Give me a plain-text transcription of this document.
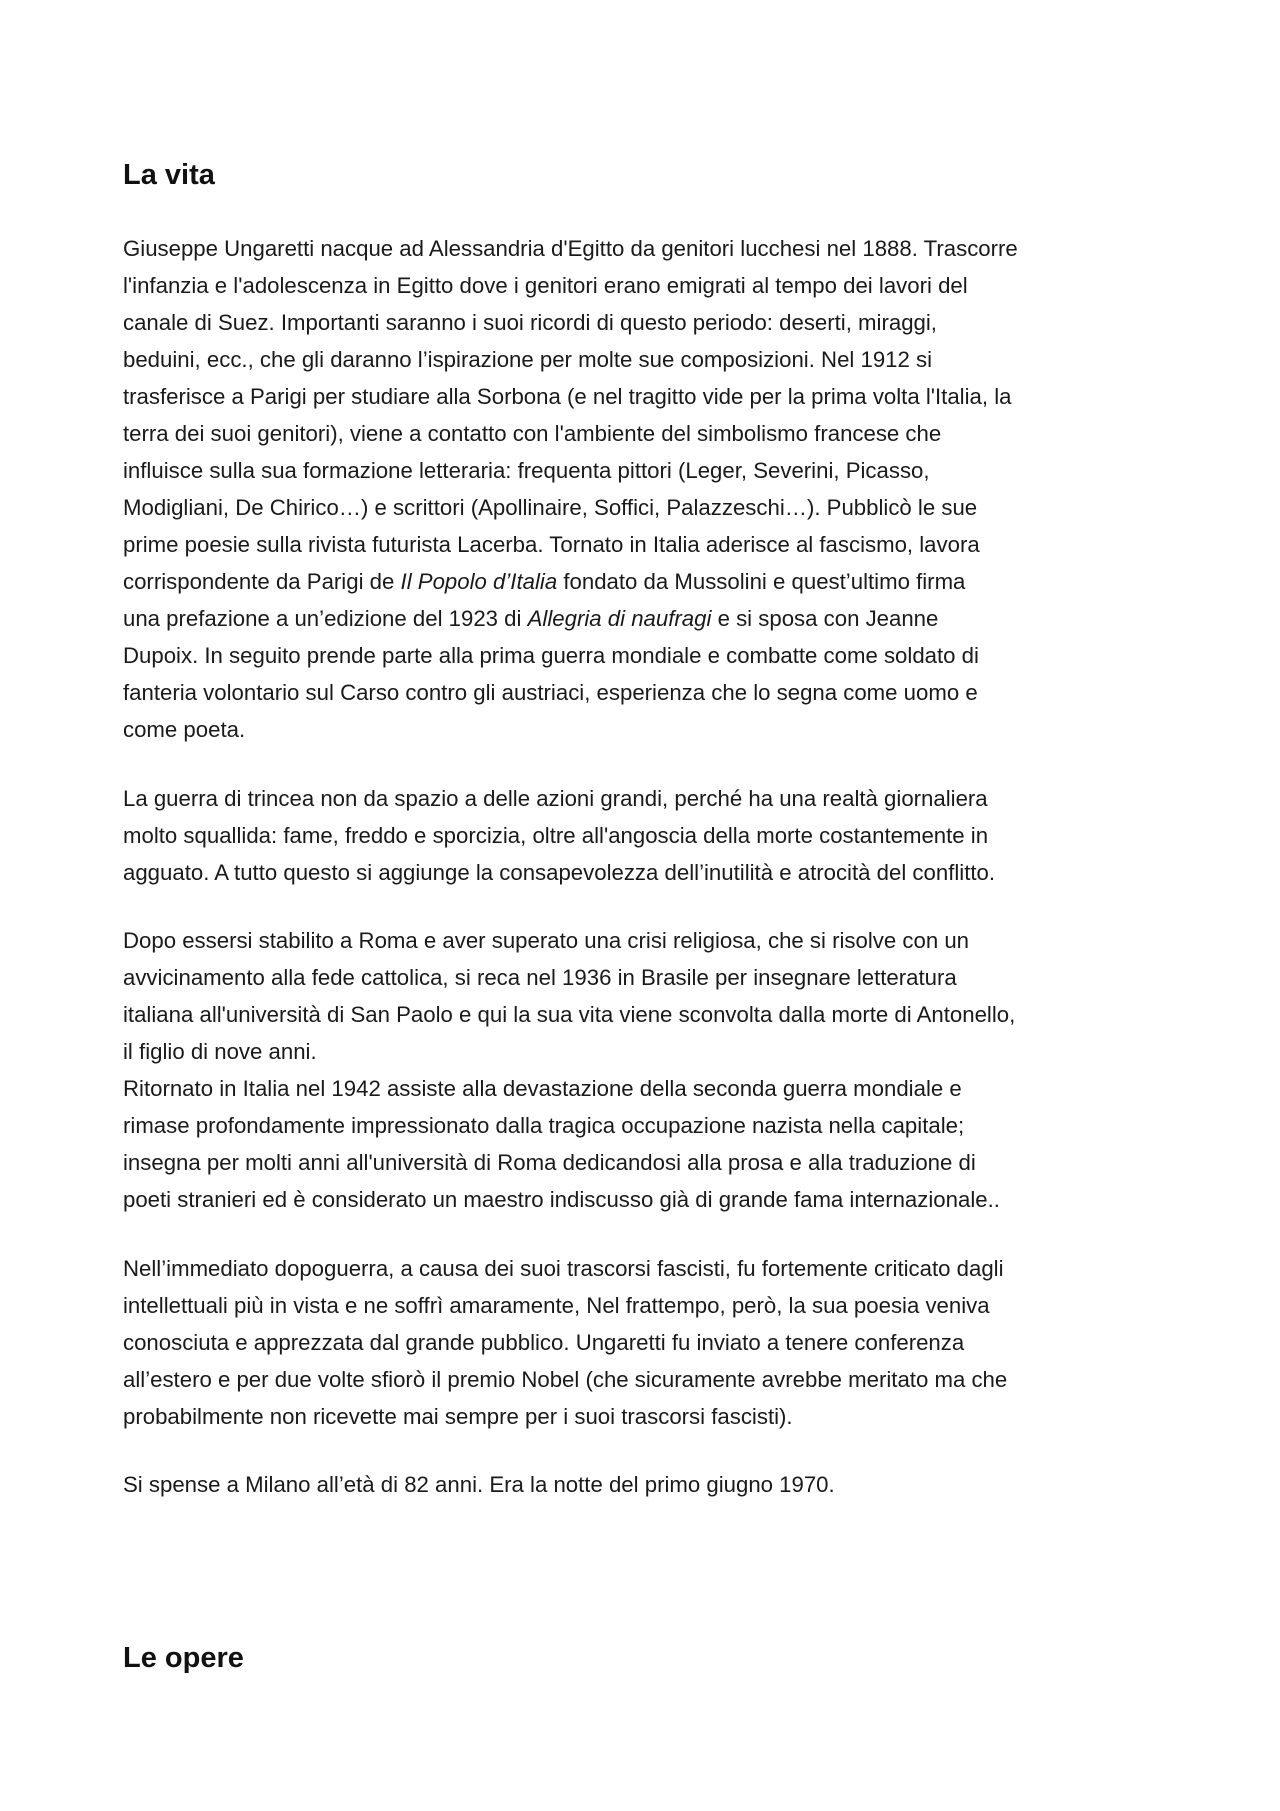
La vita

Giuseppe Ungaretti nacque ad Alessandria d'Egitto da genitori lucchesi nel 1888. Trascorre
l'infanzia e l'adolescenza in Egitto dove i genitori erano emigrati al tempo dei lavori del
canale di Suez. Importanti saranno i suoi ricordi di questo periodo: deserti, miraggi,
beduini, ecc., che gli daranno l’ispirazione per molte sue composizioni. Nel 1912 si
trasferisce a Parigi per studiare alla Sorbona (e nel tragitto vide per la prima volta l'Italia, la
terra dei suoi genitori), viene a contatto con l'ambiente del simbolismo francese che
influisce sulla sua formazione letteraria: frequenta pittori (Leger, Severini, Picasso,
Modigliani, De Chirico…) e scrittori (Apollinaire, Soffici, Palazzeschi…). Pubblicò le sue
prime poesie sulla rivista futurista Lacerba. Tornato in Italia aderisce al fascismo, lavora
corrispondente da Parigi de Il Popolo d’Italia fondato da Mussolini e quest’ultimo firma
una prefazione a un’edizione del 1923 di Allegria di naufragi e si sposa con Jeanne
Dupoix. In seguito prende parte alla prima guerra mondiale e combatte come soldato di
fanteria volontario sul Carso contro gli austriaci, esperienza che lo segna come uomo e
come poeta.

La guerra di trincea non da spazio a delle azioni grandi, perché ha una realtà giornaliera
molto squallida: fame, freddo e sporcizia, oltre all'angoscia della morte costantemente in
agguato. A tutto questo si aggiunge la consapevolezza dell’inutilità e atrocità del conflitto.

Dopo essersi stabilito a Roma e aver superato una crisi religiosa, che si risolve con un
avvicinamento alla fede cattolica, si reca nel 1936 in Brasile per insegnare letteratura
italiana all'università di San Paolo e qui la sua vita viene sconvolta dalla morte di Antonello,
il figlio di nove anni.
Ritornato in Italia nel 1942 assiste alla devastazione della seconda guerra mondiale e
rimase profondamente impressionato dalla tragica occupazione nazista nella capitale;
insegna per molti anni all'università di Roma dedicandosi alla prosa e alla traduzione di
poeti stranieri ed è considerato un maestro indiscusso già di grande fama internazionale..

Nell’immediato dopoguerra, a causa dei suoi trascorsi fascisti, fu fortemente criticato dagli
intellettuali più in vista e ne soffrì amaramente, Nel frattempo, però, la sua poesia veniva
conosciuta e apprezzata dal grande pubblico. Ungaretti fu inviato a tenere conferenza
all’estero e per due volte sfiorò il premio Nobel (che sicuramente avrebbe meritato ma che
probabilmente non ricevette mai sempre per i suoi trascorsi fascisti).

Si spense a Milano all’età di 82 anni. Era la notte del primo giugno 1970.

Le opere
